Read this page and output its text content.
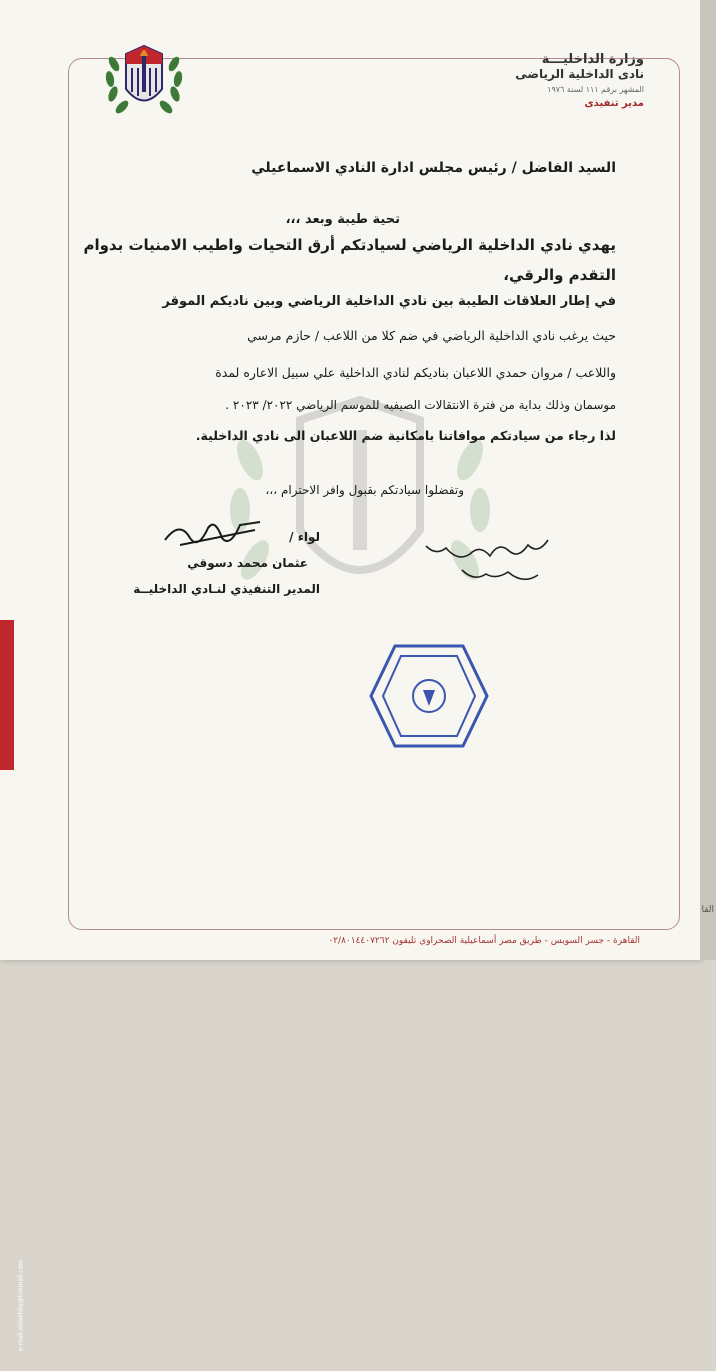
وزارة الداخليـــة
نادى الداخلية الرياضى
المشهر برقم ١١١ لسنة ١٩٧٦
مدير تنفيذى
السيد الفاضل / رئيس مجلس ادارة النادي الاسماعيلي
تحية طيبة وبعد ،،،
يهدي نادي الداخلية الرياضي لسيادتكم أرق التحيات واطيب الامنيات بدوام
التقدم والرقي،
في إطار العلاقات الطيبة بين نادي الداخلية الرياضي وبين ناديكم الموقر
حيث يرغب نادي الداخلية الرياضي في ضم كلا من اللاعب / حازم مرسي
واللاعب / مروان حمدي اللاعبان بناديكم لنادي الداخلية علي سبيل الاعاره لمدة
موسمان وذلك بداية من فترة الانتقالات الصيفيه للموسم الرياضي ٢٠٢٢/ ٢٠٢٣ .
لذا رجاء من سيادتكم موافاتنا بامكانية ضم اللاعبان الى نادي الداخلية.
وتفضلوا سيادتكم بقبول وافر الاحترام ،،،
لواء /
عثمان محمد دسوقي
المدير التنفيذي لنـادي الداخليــة
القاهرة - جسر السويس - طريق مصر أسماعيلية الصحراوي تليفون ٠٢/٨٠١٤٤٠٧٢٦٢
e-mail:eldakhlia@hotmail.com
القا
